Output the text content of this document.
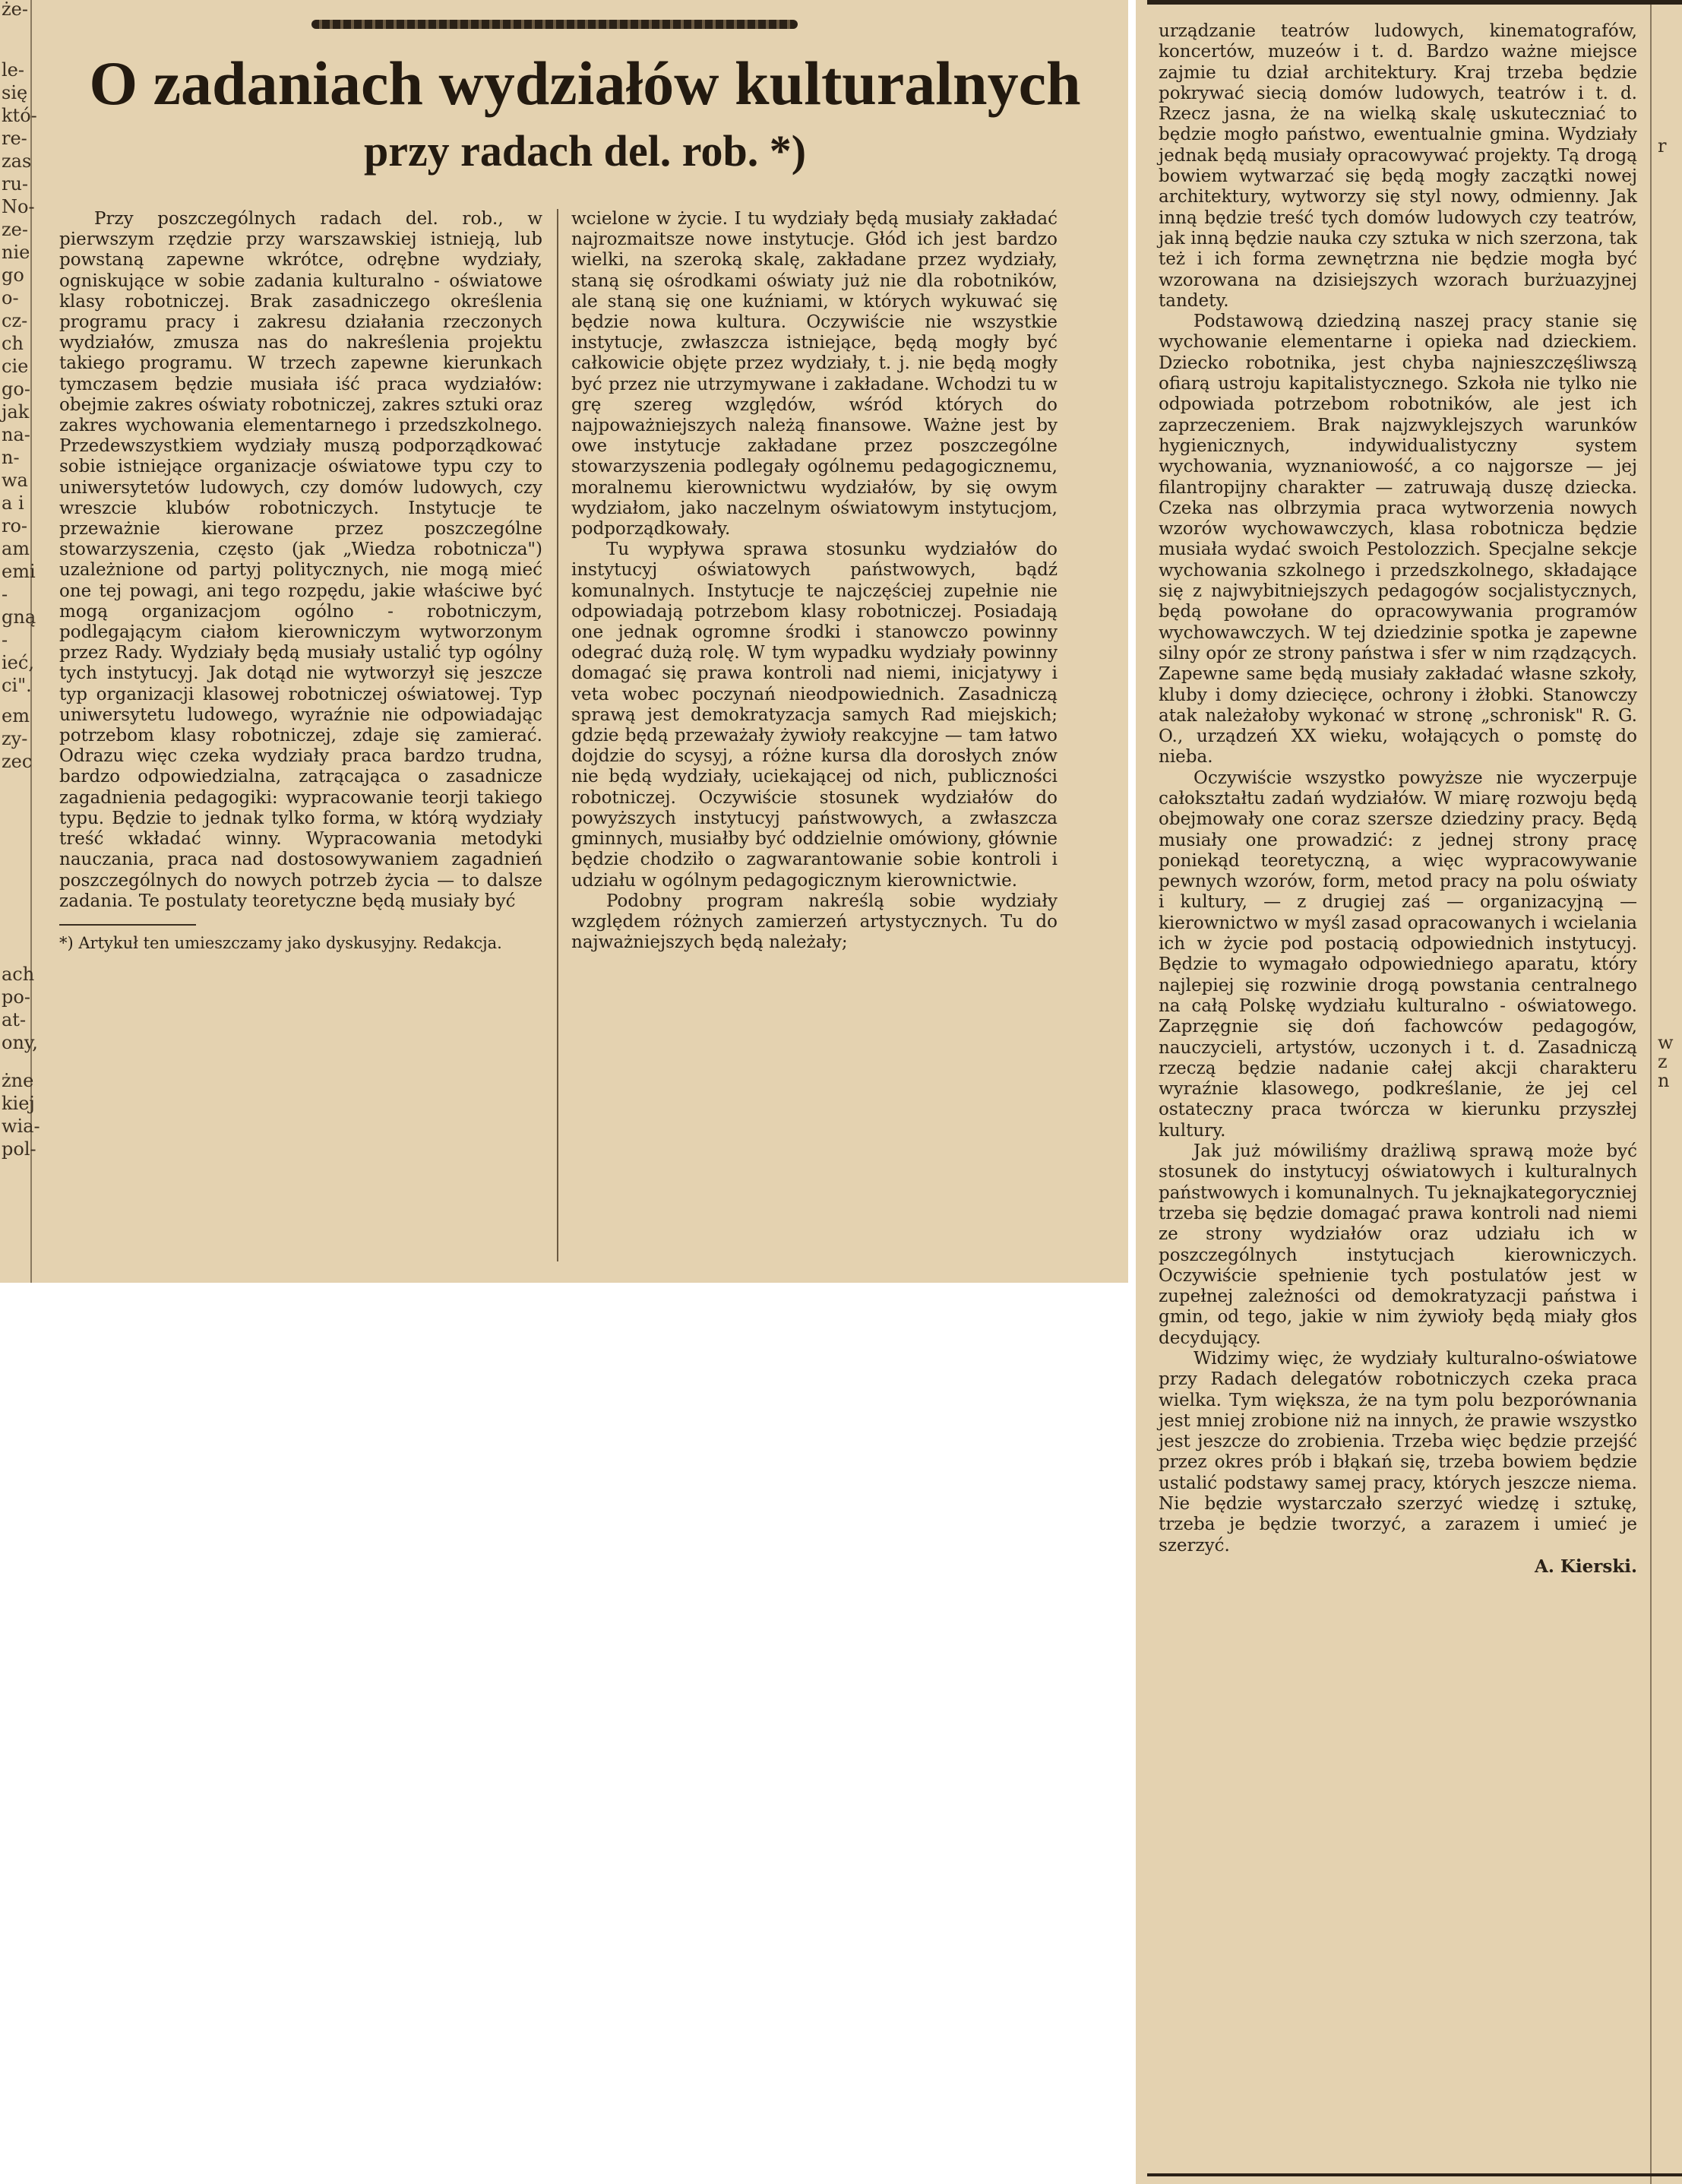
że-
le-
się
któ-
re-
zas
ru-
No-
ze-
nie
go
o-
cz-
ch
cie
go-
jak
na-
n-
wa
a i
ro-
am
emi
-
gną
-
ieć,
ci".
em
zy-
zec
ach
po-
at-
ony,
żne
kiej
wia-
pol-
O zadaniach wydziałów kulturalnych
przy radach del. rob. *)

Przy poszczególnych radach del. rob., w pierwszym rzędzie przy warszawskiej istnieją, lub powstaną zapewne wkrótce, odrębne wydziały, ogniskujące w sobie zadania kulturalno - oświatowe klasy robotniczej. Brak zasadniczego określenia programu pracy i zakresu działania rzeczonych wydziałów, zmusza nas do nakreślenia projektu takiego programu. W trzech zapewne kierunkach tymczasem będzie musiała iść praca wydziałów: obejmie zakres oświaty robotniczej, zakres sztuki oraz zakres wychowania elementarnego i przedszkolnego. Przedewszystkiem wydziały muszą podporządkować sobie istniejące organizacje oświatowe typu czy to uniwersytetów ludowych, czy domów ludowych, czy wreszcie klubów robotniczych. Instytucje te przeważnie kierowane przez poszczególne stowarzyszenia, często (jak „Wiedza robotnicza") uzależnione od partyj politycznych, nie mogą mieć one tej powagi, ani tego rozpędu, jakie właściwe być mogą organizacjom ogólno - robotniczym, podlegającym ciałom kierowniczym wytworzonym przez Rady. Wydziały będą musiały ustalić typ ogólny tych instytucyj. Jak dotąd nie wytworzył się jeszcze typ organizacji klasowej robotniczej oświatowej. Typ uniwersytetu ludowego, wyraźnie nie odpowiadając potrzebom klasy robotniczej, zdaje się zamierać. Odrazu więc czeka wydziały praca bardzo trudna, bardzo odpowiedzialna, zatrącająca o zasadnicze zagadnienia pedagogiki: wypracowanie teorji takiego typu. Będzie to jednak tylko forma, w którą wydziały treść wkładać winny. Wypracowania metodyki nauczania, praca nad dostosowywaniem zagadnień poszczególnych do nowych potrzeb życia — to dalsze zadania. Te postulaty teoretyczne będą musiały być

*) Artykuł ten umieszczamy jako dyskusyjny. Redakcja.

wcielone w życie. I tu wydziały będą musiały zakładać najrozmaitsze nowe instytucje. Głód ich jest bardzo wielki, na szeroką skalę, zakładane przez wydziały, staną się ośrodkami oświaty już nie dla robotników, ale staną się one kuźniami, w których wykuwać się będzie nowa kultura. Oczywiście nie wszystkie instytucje, zwłaszcza istniejące, będą mogły być całkowicie objęte przez wydziały, t. j. nie będą mogły być przez nie utrzymywane i zakładane. Wchodzi tu w grę szereg względów, wśród których do najpoważniejszych należą finansowe. Ważne jest by owe instytucje zakładane przez poszczególne stowarzyszenia podlegały ogólnemu pedagogicznemu, moralnemu kierownictwu wydziałów, by się owym wydziałom, jako naczelnym oświatowym instytucjom, podporządkowały.

Tu wypływa sprawa stosunku wydziałów do instytucyj oświatowych państwowych, bądź komunalnych. Instytucje te najczęściej zupełnie nie odpowiadają potrzebom klasy robotniczej. Posiadają one jednak ogromne środki i stanowczo powinny odegrać dużą rolę. W tym wypadku wydziały powinny domagać się prawa kontroli nad niemi, inicjatywy i veta wobec poczynań nieodpowiednich. Zasadniczą sprawą jest demokratyzacja samych Rad miejskich; gdzie będą przeważały żywioły reakcyjne — tam łatwo dojdzie do scysyj, a różne kursa dla dorosłych znów nie będą wydziały, uciekającej od nich, publiczności robotniczej. Oczywiście stosunek wydziałów do powyższych instytucyj państwowych, a zwłaszcza gminnych, musiałby być oddzielnie omówiony, głównie będzie chodziło o zagwarantowanie sobie kontroli i udziału w ogólnym pedagogicznym kierownictwie.

Podobny program nakreślą sobie wydziały względem różnych zamierzeń artystycznych. Tu do najważniejszych będą należały;

r
w
z
n

urządzanie teatrów ludowych, kinematografów, koncertów, muzeów i t. d. Bardzo ważne miejsce zajmie tu dział architektury. Kraj trzeba będzie pokrywać siecią domów ludowych, teatrów i t. d. Rzecz jasna, że na wielką skalę uskuteczniać to będzie mogło państwo, ewentualnie gmina. Wydziały jednak będą musiały opracowywać projekty. Tą drogą bowiem wytwarzać się będą mogły zaczątki nowej architektury, wytworzy się styl nowy, odmienny. Jak inną będzie treść tych domów ludowych czy teatrów, jak inną będzie nauka czy sztuka w nich szerzona, tak też i ich forma zewnętrzna nie będzie mogła być wzorowana na dzisiejszych wzorach burżuazyjnej tandety.

Podstawową dziedziną naszej pracy stanie się wychowanie elementarne i opieka nad dzieckiem. Dziecko robotnika, jest chyba najnieszczęśliwszą ofiarą ustroju kapitalistycznego. Szkoła nie tylko nie odpowiada potrzebom robotników, ale jest ich zaprzeczeniem. Brak najzwyklejszych warunków hygienicznych, indywidualistyczny system wychowania, wyznaniowość, a co najgorsze — jej filantropijny charakter — zatruwają duszę dziecka. Czeka nas olbrzymia praca wytworzenia nowych wzorów wychowawczych, klasa robotnicza będzie musiała wydać swoich Pestolozzich. Specjalne sekcje wychowania szkolnego i przedszkolnego, składające się z najwybitniejszych pedagogów socjalistycznych, będą powołane do opracowywania programów wychowawczych. W tej dziedzinie spotka je zapewne silny opór ze strony państwa i sfer w nim rządzących. Zapewne same będą musiały zakładać własne szkoły, kluby i domy dziecięce, ochrony i żłobki. Stanowczy atak należałoby wykonać w stronę „schronisk" R. G. O., urządzeń XX wieku, wołających o pomstę do nieba.

Oczywiście wszystko powyższe nie wyczerpuje całokształtu zadań wydziałów. W miarę rozwoju będą obejmowały one coraz szersze dziedziny pracy. Będą musiały one prowadzić: z jednej strony pracę poniekąd teoretyczną, a więc wypracowywanie pewnych wzorów, form, metod pracy na polu oświaty i kultury, — z drugiej zaś — organizacyjną — kierownictwo w myśl zasad opracowanych i wcielania ich w życie pod postacią odpowiednich instytucyj. Będzie to wymagało odpowiedniego aparatu, który najlepiej się rozwinie drogą powstania centralnego na całą Polskę wydziału kulturalno - oświatowego. Zaprzęgnie się doń fachowców pedagogów, nauczycieli, artystów, uczonych i t. d. Zasadniczą rzeczą będzie nadanie całej akcji charakteru wyraźnie klasowego, podkreślanie, że jej cel ostateczny praca twórcza w kierunku przyszłej kultury.

Jak już mówiliśmy drażliwą sprawą może być stosunek do instytucyj oświatowych i kulturalnych państwowych i komunalnych. Tu jeknajkategoryczniej trzeba się będzie domagać prawa kontroli nad niemi ze strony wydziałów oraz udziału ich w poszczególnych instytucjach kierowniczych. Oczywiście spełnienie tych postulatów jest w zupełnej zależności od demokratyzacji państwa i gmin, od tego, jakie w nim żywioły będą miały głos decydujący.

Widzimy więc, że wydziały kulturalno-oświatowe przy Radach delegatów robotniczych czeka praca wielka. Tym większa, że na tym polu bezporównania jest mniej zrobione niż na innych, że prawie wszystko jest jeszcze do zrobienia. Trzeba więc będzie przejść przez okres prób i błąkań się, trzeba bowiem będzie ustalić podstawy samej pracy, których jeszcze niema. Nie będzie wystarczało szerzyć wiedzę i sztukę, trzeba je będzie tworzyć, a zarazem i umieć je szerzyć.

A. Kierski.
